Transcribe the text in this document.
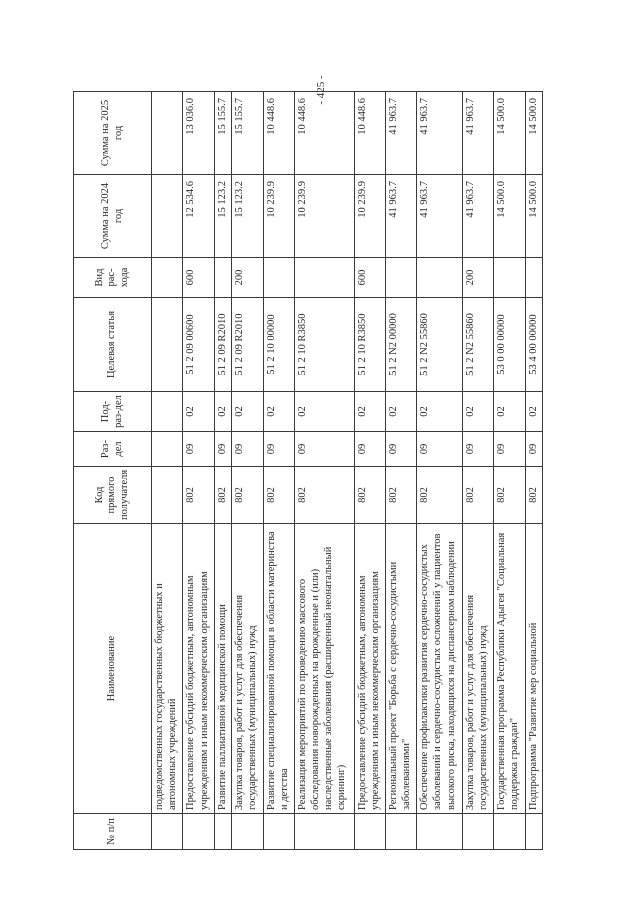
- 425 -
№ п/п	Наименование	Код прямого получателя	Раз-дел	Под-раз-дел	Целевая статья	Вид рас-хода	Сумма на 2024 год	Сумма на 2025 год
	подведомственных государственных бюджетных и автономных учреждений							
	Предоставление субсидий бюджетным, автономным учреждениям и иным некоммерческим организациям	802	09	02	51 2 09 00600	600	12 534.6	13 036.0
	Развитие паллиативной медицинской помощи	802	09	02	51 2 09 R2010		15 123.2	15 155.7
	Закупка товаров, работ и услуг для обеспечения государственных (муниципальных) нужд	802	09	02	51 2 09 R2010	200	15 123.2	15 155.7
	Развитие специализированной помощи в области материнства и детства	802	09	02	51 2 10 00000		10 239.9	10 448.6
	Реализация мероприятий по проведению массового обследования новорожденных на врожденные и (или) наследственные заболевания (расширенный неонатальный скрининг)	802	09	02	51 2 10 R3850		10 239.9	10 448.6
	Предоставление субсидий бюджетным, автономным учреждениям и иным некоммерческим организациям	802	09	02	51 2 10 R3850	600	10 239.9	10 448.6
	Региональный проект "Борьба с сердечно-сосудистыми заболеваниями"	802	09	02	51 2 N2 00000		41 963.7	41 963.7
	Обеспечение профилактики развития сердечно-сосудистых заболеваний и сердечно-сосудистых осложнений у пациентов высокого риска, находящихся на диспансерном наблюдении	802	09	02	51 2 N2 55860		41 963.7	41 963.7
	Закупка товаров, работ и услуг для обеспечения государственных (муниципальных) нужд	802	09	02	51 2 N2 55860	200	41 963.7	41 963.7
	Государственная программа Республики Адыгея "Социальная поддержка граждан"	802	09	02	53 0 00 00000		14 500.0	14 500.0
	Подпрограмма "Развитие мер социальной	802	09	02	53 4 00 00000		14 500.0	14 500.0
